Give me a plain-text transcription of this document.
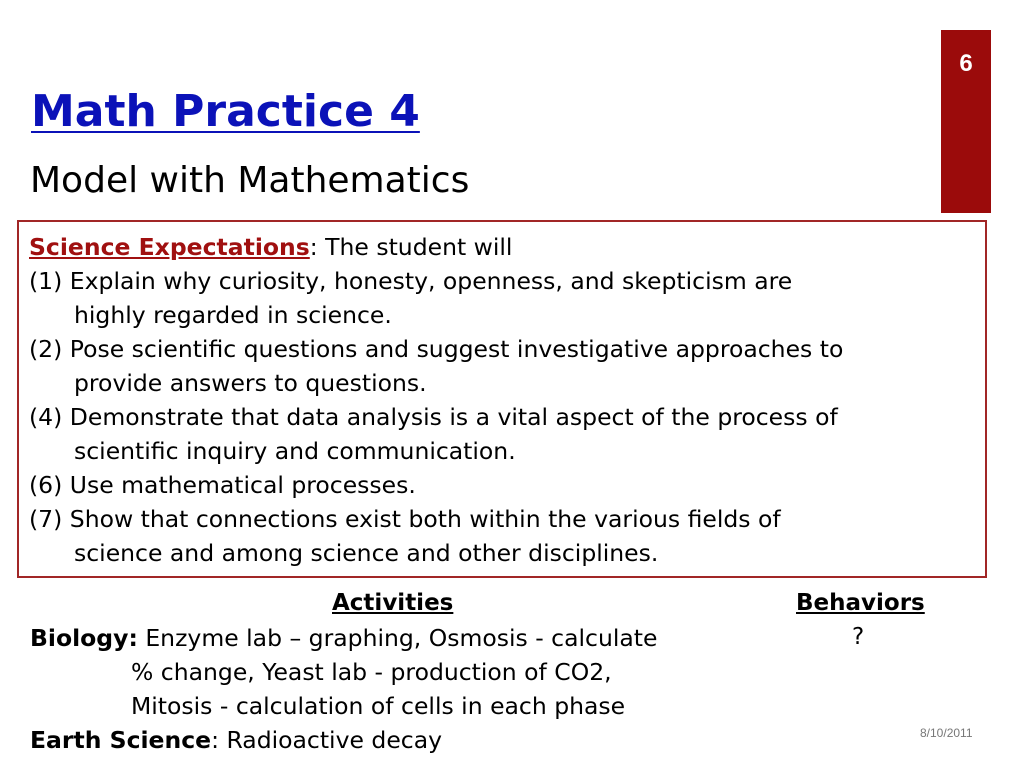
6
Math Practice 4
Model with Mathematics
Science Expectations: The student will
(1) Explain why curiosity, honesty, openness, and skepticism are
highly regarded in science.
(2) Pose scientific questions and suggest investigative approaches to
provide answers to questions.
(4) Demonstrate that data analysis is a vital aspect of the process of
scientific inquiry and communication.
(6) Use mathematical processes.
(7) Show that connections exist both within the various fields of
science and among science and other disciplines.
Activities	Behaviors
?
Biology: Enzyme lab – graphing, Osmosis - calculate
% change, Yeast lab - production of CO2,
Mitosis - calculation of cells in each phase
Earth Science: Radioactive decay	8/10/2011
